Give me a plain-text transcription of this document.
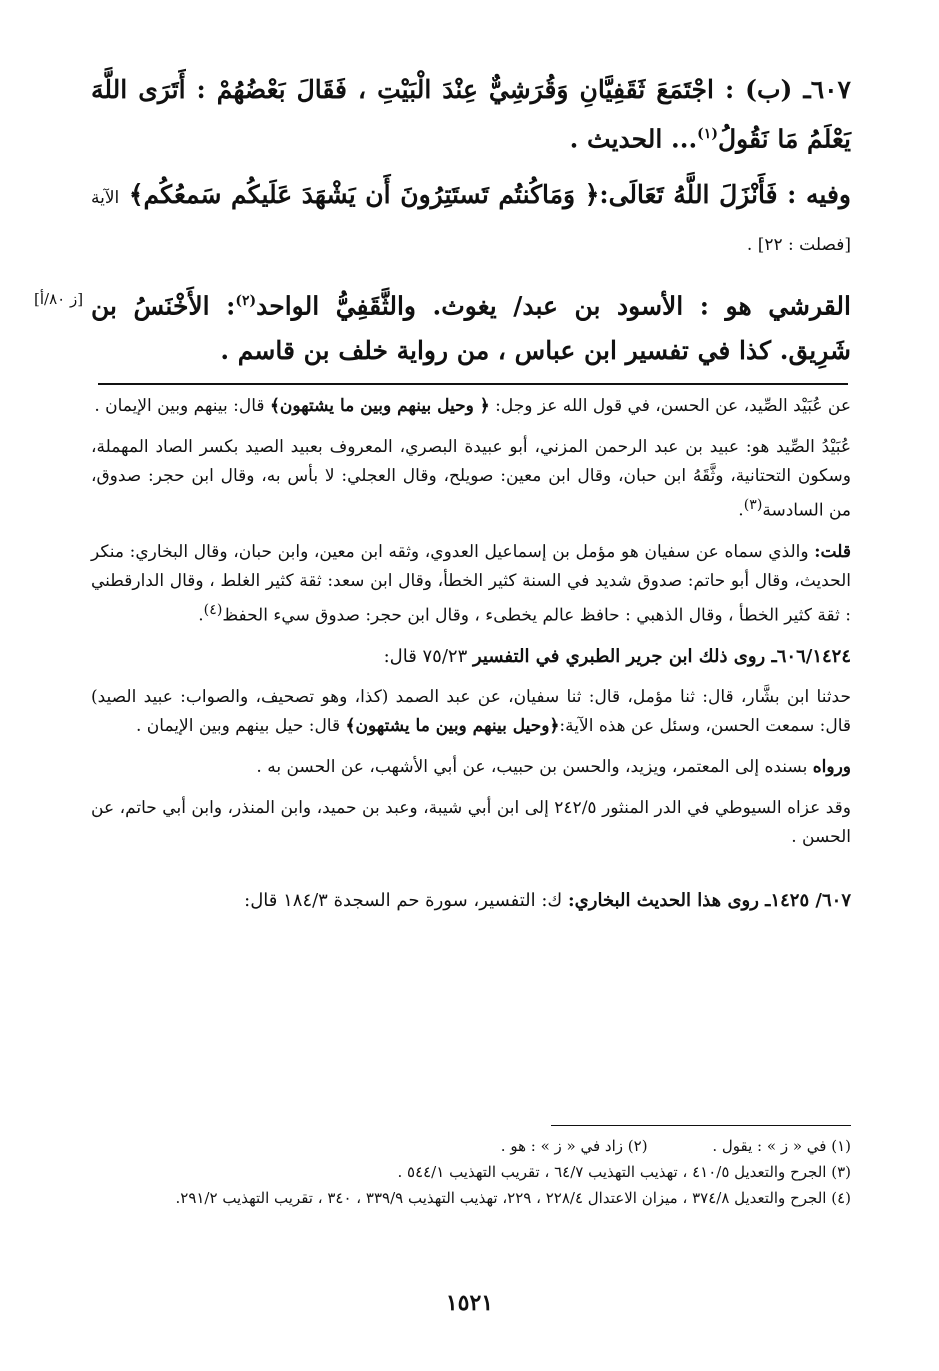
[ز ٨٠/أ]

٦٠٧ـ (ب) : اجْتَمَعَ ثَقَفِيَّانِ وَقُرَشِيٌّ عِنْدَ الْبَيْتِ ، فَقَالَ بَعْضُهُمْ : أَتَرَى اللَّهَ يَعْلَمُ مَا نَقُولُ$^{(١)}$... الحديث .

وفيه : فَأَنْزَلَ اللَّهُ تَعَالَى:﴿ وَمَاكُنتُم تَستَتِرُونَ أَن يَشْهَدَ عَلَيكُم سَمعُكُم﴾ الآية [فصلت : ٢٢] .

القرشي هو : الأسود بن عبد/ يغوث. والثَّقَفِيُّ الواحد$^{(٢)}$: الأَخْنَسُ بن شَرِيق. كذا في تفسير ابن عباس ، من رواية خلف بن قاسم .

عن عُبَيْد الصِّيد، عن الحسن، في قول الله عز وجل: ﴿ وحيل بينهم وبين ما يشتهون﴾ قال: بينهم وبين الإيمان .

عُبَيْدُ الصِّيد هو: عبيد بن عبد الرحمن المزني، أبو عبيدة البصري، المعروف بعبيد الصيد بكسر الصاد المهملة، وسكون التحتانية، وثَّقَهُ ابن حبان، وقال ابن معين: صويلح، وقال العجلي: لا بأس به، وقال ابن حجر: صدوق، من السادسة$^{(٣)}$.

قلت: والذي سماه عن سفيان هو مؤمل بن إسماعيل العدوي، وثقه ابن معين، وابن حبان، وقال البخاري: منكر الحديث، وقال أبو حاتم: صدوق شديد في السنة كثير الخطأ، وقال ابن سعد: ثقة كثير الغلط ، وقال الدارقطني : ثقة كثير الخطأ ، وقال الذهبي : حافظ عالم يخطىء ، وقال ابن حجر: صدوق سيء الحفظ$^{(٤)}$.

٦٠٦/١٤٢٤ـ روى ذلك ابن جرير الطبري في التفسير ٧٥/٢٣ قال:

حدثنا ابن بشَّار، قال: ثنا مؤمل، قال: ثنا سفيان، عن عبد الصمد (كذا، وهو تصحيف، والصواب: عبيد الصيد) قال: سمعت الحسن، وسئل عن هذه الآية:﴿وحيل بينهم وبين ما يشتهون﴾ قال: حيل بينهم وبين الإيمان .

ورواه بسنده إلى المعتمر، ويزيد، والحسن بن حبيب، عن أبي الأشهب، عن الحسن به .

وقد عزاه السيوطي في الدر المنثور ٢٤٢/٥ إلى ابن أبي شيبة، وعبد بن حميد، وابن المنذر، وابن أبي حاتم، عن الحسن .

٦٠٧/ ١٤٢٥ـ روى هذا الحديث البخاري: ك: التفسير، سورة حم السجدة ١٨٤/٣ قال:

(١) في « ز » : يقول . (٢) زاد في « ز » : هو .

(٣) الجرح والتعديل ٤١٠/٥ ، تهذيب التهذيب ٦٤/٧ ، تقريب التهذيب ٥٤٤/١ .

(٤) الجرح والتعديل ٣٧٤/٨ ، ميزان الاعتدال ٢٢٨/٤ ، ٢٢٩، تهذيب التهذيب ٣٣٩/٩ ، ٣٤٠ ، تقريب التهذيب ٢٩١/٢.

١٥٢١
